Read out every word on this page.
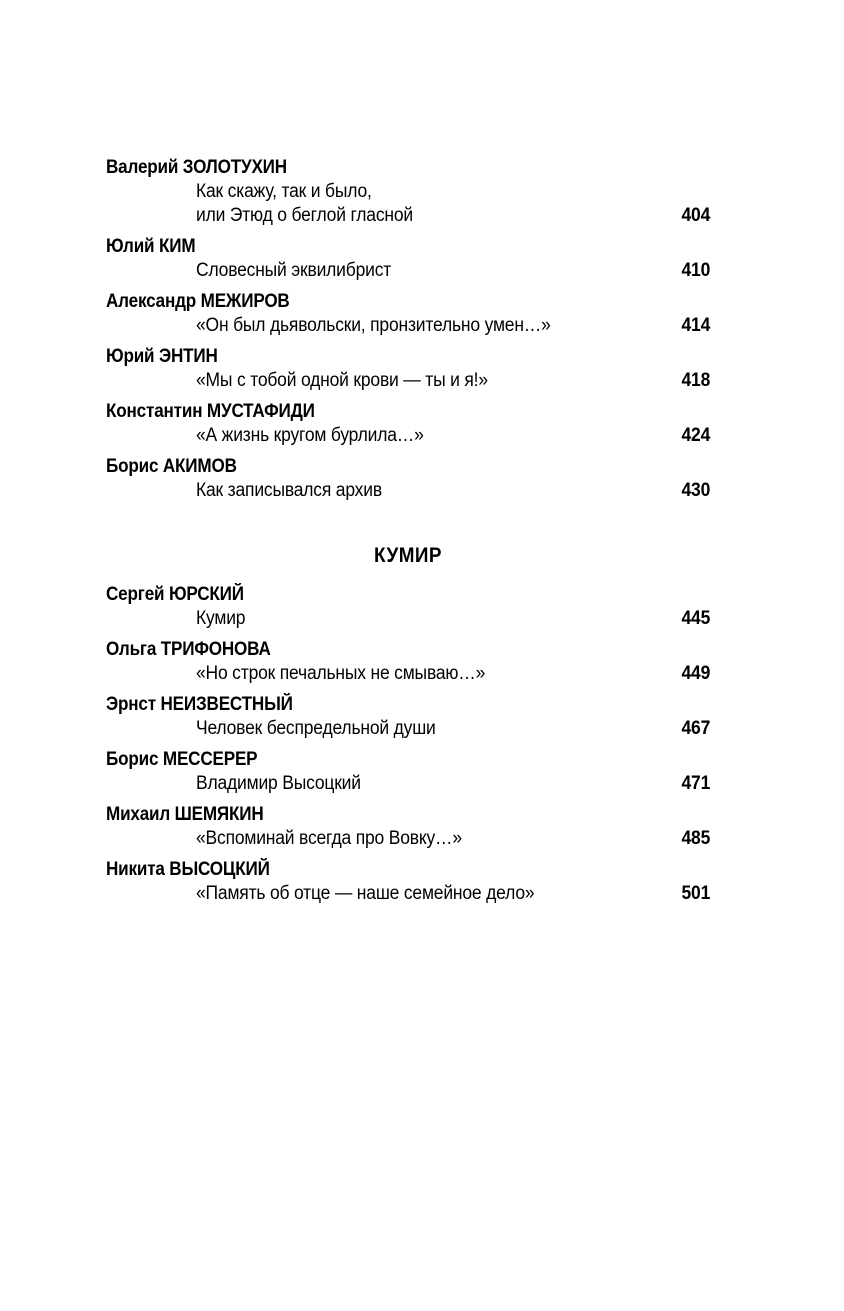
Валерий ЗОЛОТУХИН
Как скажу, так и было,
или Этюд о беглой гласной	404
Юлий КИМ
Словесный эквилибрист	410
Александр МЕЖИРОВ
«Он был дьявольски, пронзительно умен…»	414
Юрий ЭНТИН
«Мы с тобой одной крови — ты и я!»	418
Константин МУСТАФИДИ
«А жизнь кругом бурлила…»	424
Борис АКИМОВ
Как записывался архив	430
КУМИР
Сергей ЮРСКИЙ
Кумир	445
Ольга ТРИФОНОВА
«Но строк печальных не смываю…»	449
Эрнст НЕИЗВЕСТНЫЙ
Человек беспредельной души	467
Борис МЕССЕРЕР
Владимир Высоцкий	471
Михаил ШЕМЯКИН
«Вспоминай всегда про Вовку…»	485
Никита ВЫСОЦКИЙ
«Память об отце — наше семейное дело»	501
